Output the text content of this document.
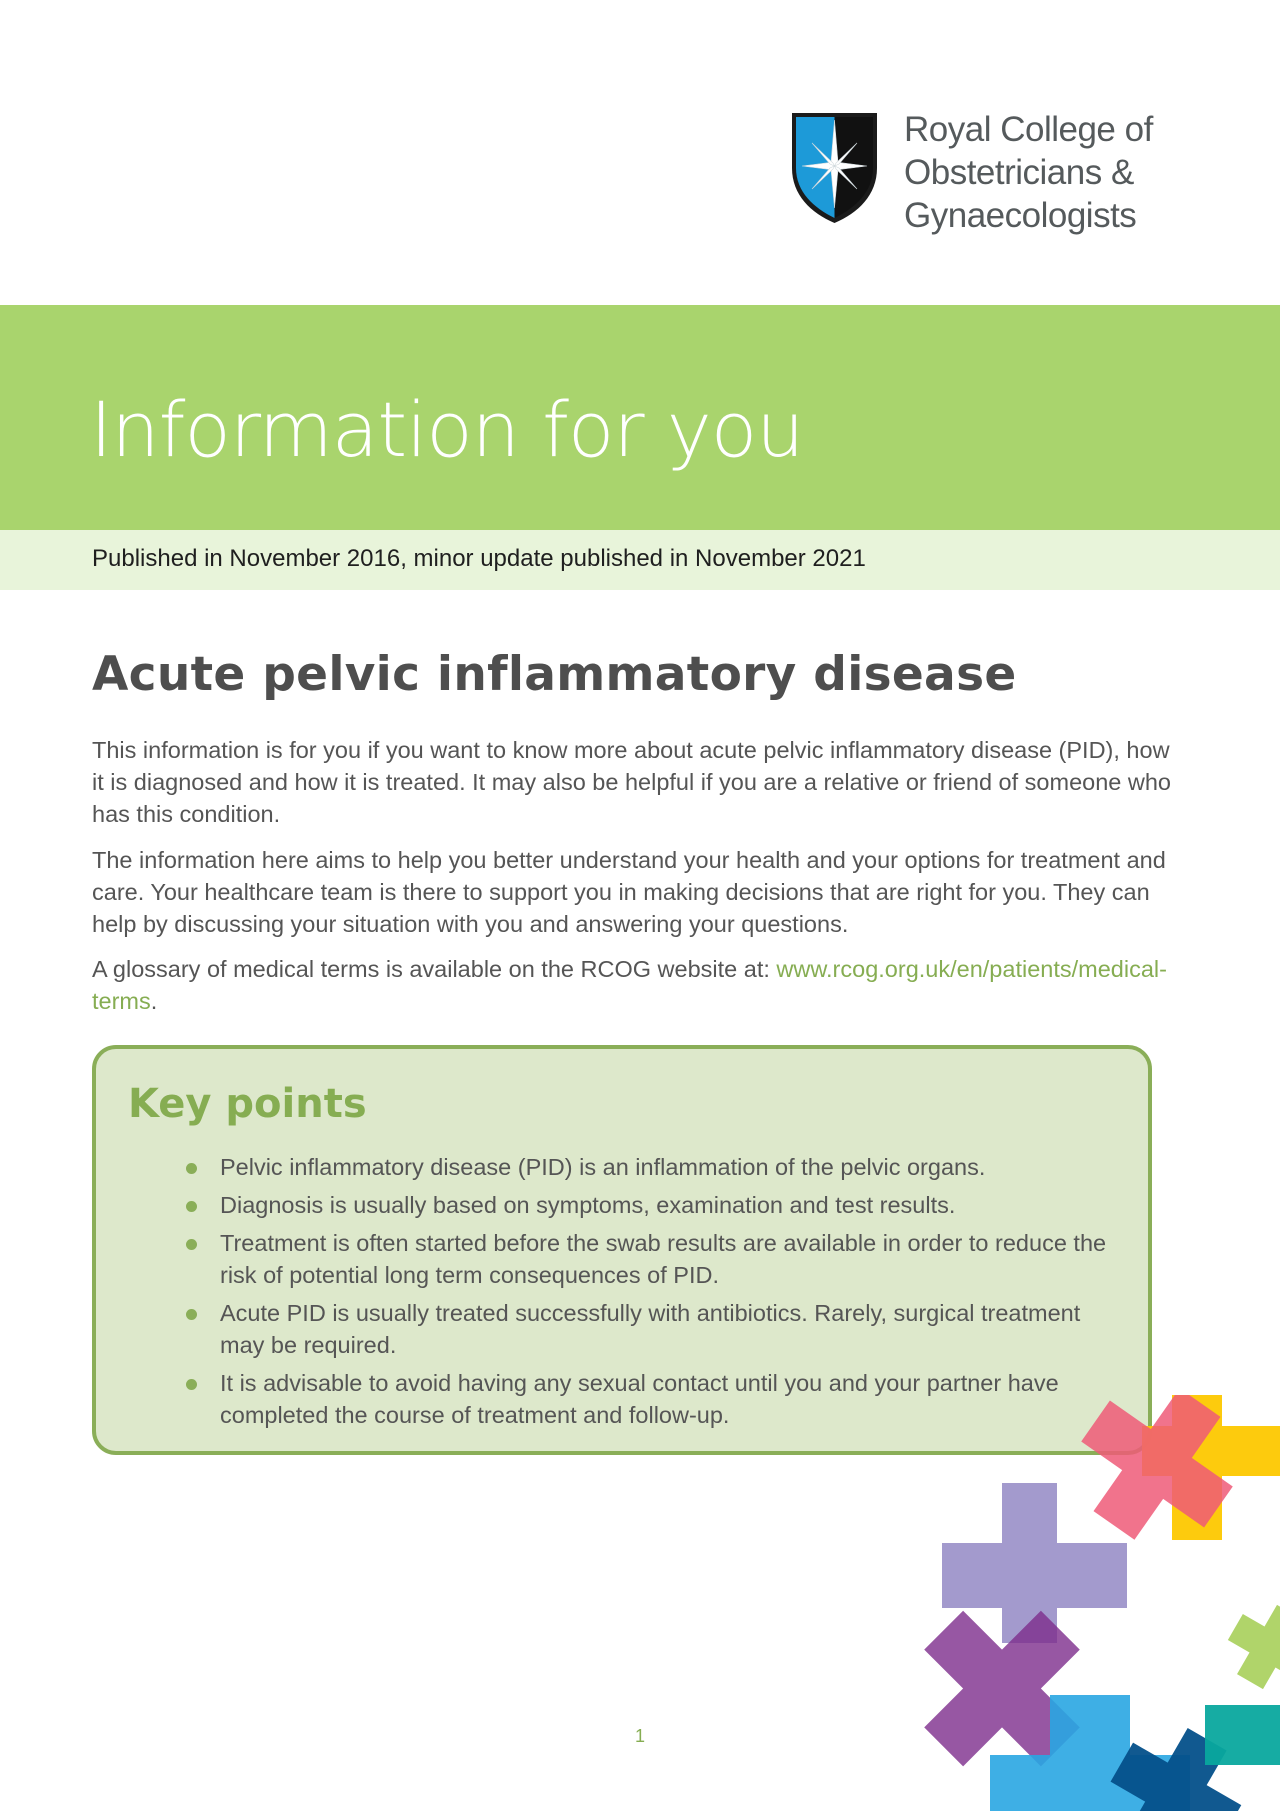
Royal College of
Obstetricians &
Gynaecologists
Information for you
Published in November 2016, minor update published in November 2021
Acute pelvic inflammatory disease

This information is for you if you want to know more about acute pelvic inflammatory disease (PID), how it is diagnosed and how it is treated. It may also be helpful if you are a relative or friend of someone who has this condition.

The information here aims to help you better understand your health and your options for treatment and care. Your healthcare team is there to support you in making decisions that are right for you. They can help by discussing your situation with you and answering your questions.

A glossary of medical terms is available on the RCOG website at: www.rcog.org.uk/en/patients/medical-terms.

Key points
Pelvic inflammatory disease (PID) is an inflammation of the pelvic organs.
Diagnosis is usually based on symptoms, examination and test results.
Treatment is often started before the swab results are available in order to reduce the risk of potential long term consequences of PID.
Acute PID is usually treated successfully with antibiotics. Rarely, surgical treatment may be required.
It is advisable to avoid having any sexual contact until you and your partner have completed the course of treatment and follow-up.
1
